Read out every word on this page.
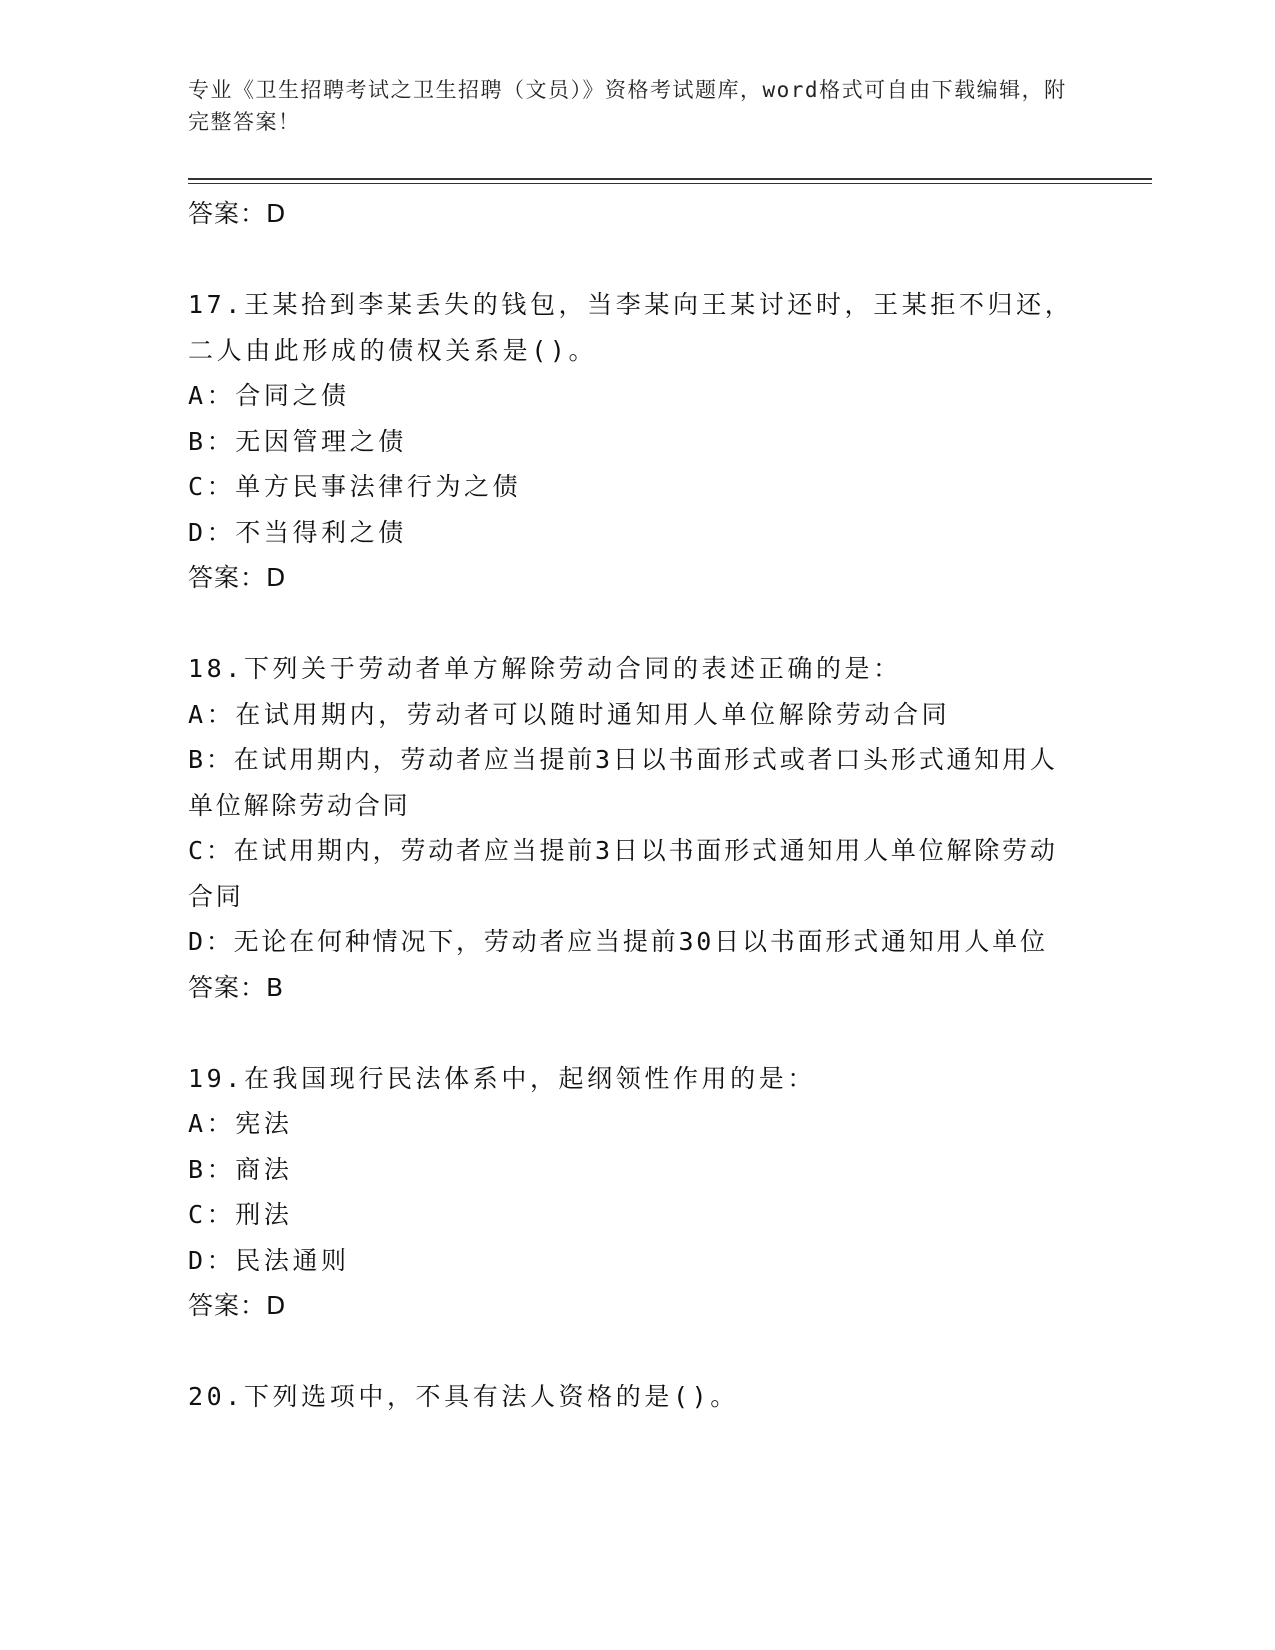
专业《卫生招聘考试之卫生招聘（文员）》资格考试题库，word格式可自由下载编辑，附完整答案！
答案：D
17.王某拾到李某丢失的钱包，当李某向王某讨还时，王某拒不归还，二人由此形成的债权关系是()。
A：合同之债
B：无因管理之债
C：单方民事法律行为之债
D：不当得利之债
答案：D
18.下列关于劳动者单方解除劳动合同的表述正确的是：
A：在试用期内，劳动者可以随时通知用人单位解除劳动合同
B：在试用期内，劳动者应当提前3日以书面形式或者口头形式通知用人单位解除劳动合同
C：在试用期内，劳动者应当提前3日以书面形式通知用人单位解除劳动合同
D：无论在何种情况下，劳动者应当提前30日以书面形式通知用人单位
答案：B
19.在我国现行民法体系中，起纲领性作用的是：
A：宪法
B：商法
C：刑法
D：民法通则
答案：D
20.下列选项中，不具有法人资格的是()。
